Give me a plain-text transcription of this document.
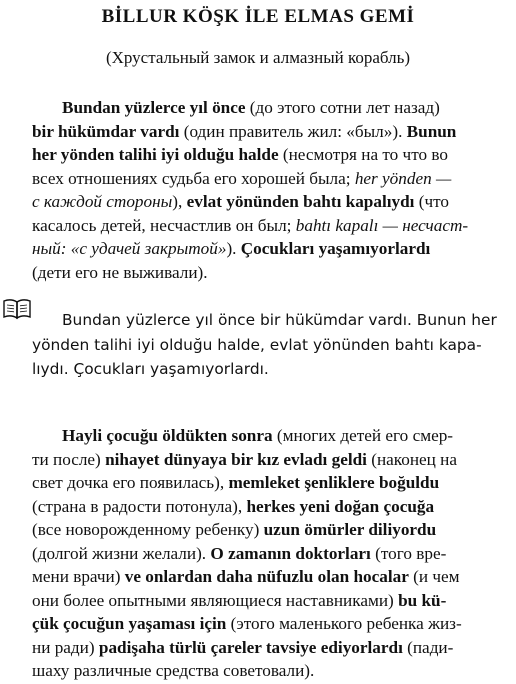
BİLLUR KÖŞK İLE ELMAS GEMİ

(Хрустальный замок и алмазный корабль)

Bundan yüzlerce yıl önce (до этого сотни лет назад)
bir hükümdar vardı (один правитель жил: «был»). Bunun
her yönden talihi iyi olduğu halde (несмотря на то что во
всех отношениях судьба его хорошей была; her yönden —
с каждой стороны), evlat yönünden bahtı kapalıydı (что
касалось детей, несчастлив он был; bahtı kapalı — несчаст-
ный: «с удачей закрытой»). Çocukları yaşamıyorlardı
(дети его не выживали).
Bundan yüzlerce yıl önce bir hükümdar vardı. Bunun her
yönden talihi iyi olduğu halde, evlat yönünden bahtı kapa-
lıydı. Çocukları yaşamıyorlardı.
Hayli çocuğu öldükten sonra (многих детей его смер-
ти после) nihayet dünyaya bir kız evladı geldi (наконец на
свет дочка его появилась), memleket şenliklere boğuldu
(страна в радости потонула), herkes yeni doğan çocuğa
(все новорожденному ребенку) uzun ömürler diliyordu
(долгой жизни желали). O zamanın doktorları (того вре-
мени врачи) ve onlardan daha nüfuzlu olan hocalar (и чем
они более опытными являющиеся наставниками) bu kü-
çük çocuğun yaşaması için (этого маленького ребенка жиз-
ни ради) padişaha türlü çareler tavsiye ediyorlardı (пади-
шаху различные средства советовали).
